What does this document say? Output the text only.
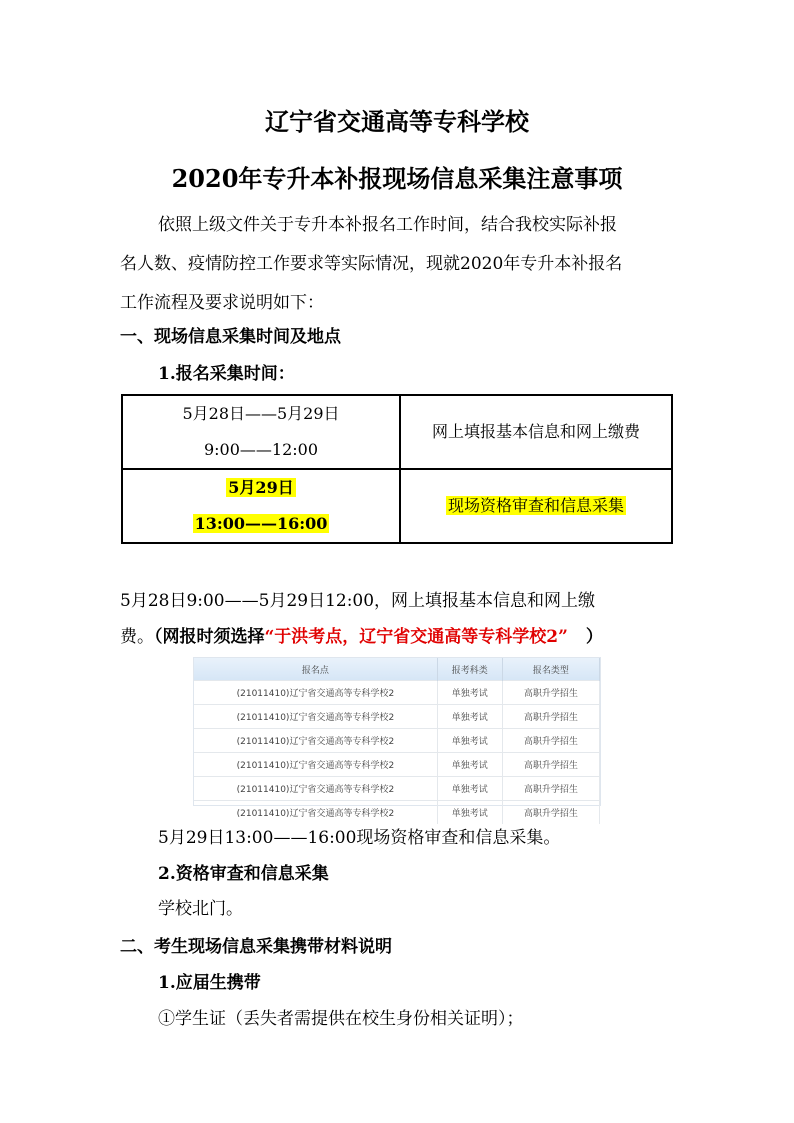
辽宁省交通高等专科学校
2020年专升本补报现场信息采集注意事项
依照上级文件关于专升本补报名工作时间，结合我校实际补报
名人数、疫情防控工作要求等实际情况，现就2020年专升本补报名
工作流程及要求说明如下：
一、现场信息采集时间及地点
1.报名采集时间：
5月28日——5月29日
9:00——12:00	网上填报基本信息和网上缴费

5月29日
13:00——16:00	现场资格审查和信息采集
5月28日9:00——5月29日12:00，网上填报基本信息和网上缴
费。（网报时须选择“于洪考点，辽宁省交通高等专科学校2” ）
报名点	报考科类	报名类型
(21011410)辽宁省交通高等专科学校2	单独考试	高职升学招生
(21011410)辽宁省交通高等专科学校2	单独考试	高职升学招生
(21011410)辽宁省交通高等专科学校2	单独考试	高职升学招生
(21011410)辽宁省交通高等专科学校2	单独考试	高职升学招生
(21011410)辽宁省交通高等专科学校2	单独考试	高职升学招生
(21011410)辽宁省交通高等专科学校2	单独考试	高职升学招生
5月29日13:00——16:00现场资格审查和信息采集。
2.资格审查和信息采集
学校北门。
二、考生现场信息采集携带材料说明
1.应届生携带
①学生证（丢失者需提供在校生身份相关证明）；
